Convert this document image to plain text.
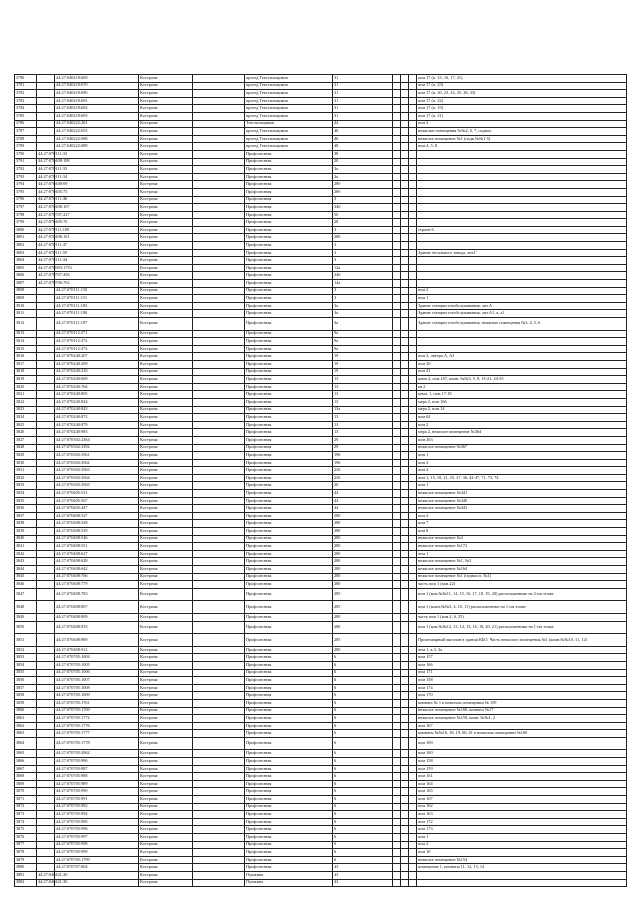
3780		44:27:040218:669	Кострома		проезд Текстильщиков	31				пом 17 (п. 15, 16, 17, 21)
3781		44:27:040218:670	Кострома		проезд Текстильщиков	31				пом 17 (п. 23)
3782		44:27:040218:690	Кострома		проезд Текстильщиков	31				пом 17 (п. 20, 23, 24, 25, 28, 33)
3783		44:27:040218:691	Кострома		проезд Текстильщиков	31				пом 17 (п. 22)
3784		44:27:040218:692	Кострома		проезд Текстильщиков	31				пом 17 (п. 19)
3785		44:27:040218:693	Кострома		проезд Текстильщиков	31				пом 17 (п. 21)
3786		44:27:040222:201	Кострома		Текстильщиков	44				пом 2
3787		44:27:040222:653	Кострома		проезд Текстильщиков	46				нежилые помещения №№2, 6, 7, подвал
3788		44:27:040222:688	Кострома		проезд Текстильщиков	46				нежилое помещение №1 (подв.№№1-5)
3789		44:27:040222:689	Кострома		проезд Текстильщиков	48				пом 4, 5, 8
3790	44:27:070111:33		Кострома		Профсоюзная	38				
3791	44:27:070408:108		Кострома		Профсоюзная	20				
3792	44:27:070111:35		Кострома		Профсоюзная	3а				
3793	44:27:070111:34		Кострома		Профсоюзная	3а				
3794	44:27:070408:69		Кострома		Профсоюзная	28б				
3795	44:27:070405:75		Кострома		Профсоюзная	28б				
3796	44:27:070111:46		Кострома		Профсоюзная	3				
3797	44:27:070408:107		Кострома		Профсоюзная	34б				
3798	44:27:070707:227		Кострома		Профсоюзная	50				
3799	44:27:070405:76		Кострома		Профсоюзная	28				
3800	44:27:070111:189		Кострома		Профсоюзная	3				строен 6
3801	44:27:070408:101		Кострома		Профсоюзная	280				
3802	44:27:070111:47		Кострома		Профсоюзная	3				
3803	44:27:070111:59		Кострома		Профсоюзная	3				Здание чесального завода, лит.Г
3804	44:27:070111:44		Кострома		Профсоюзная	3				
3805	44:27:070903:1753		Кострома		Профсоюзная	12а				
3806	44:27:070707:456		Кострома		Профсоюзная	24б				
3807	44:27:070706:702		Кострома		Профсоюзная	14а				
3808		44:27:070111:150	Кострома		Профсоюзная	3				пом 2
3809		44:27:070111:151	Кострома		Профсоюзная	3				пом 1
3810		44:27:070111:183	Кострома		Профсоюзная	3а				Здание станции техобслуживания, лит.А
3811		44:27:070111:186	Кострома		Профсоюзная	3а				Здание станции техобслуживания, лит.А1, а, а1
3812		44:27:070111:187	Кострома		Профсоюзная	3а				Здание станции техобслуживания, нежилые помещения №3, 4, 5, 6
3813		44:27:070112:371	Кострома		Профсоюзная	9а				
3814		44:27:070112:372	Кострома		Профсоюзная	9а				
3815		44:27:070112:373	Кострома		Профсоюзная	9а				
3816		44:27:070240:207	Кострома		Профсоюзная	19				пом 2, литера А, А3
3817		44:27:070240:209	Кострома		Профсоюзная	19				пом 20
3818		44:27:070240:210	Кострома		Профсоюзная	19				пом 21
3819		44:27:070240:669	Кострома		Профсоюзная	13				комн 2, пом 167, комн. №№3, 5, 8, 13-21, 24-35
3820		44:27:070240:764	Кострома		Профсоюзная	13				кв.2
3821		44:27:070240:805	Кострома		Профсоюзная	13				комн. 1, пом 17-18
3822		44:27:070240:824	Кострома		Профсоюзная	13				мера 2, пом 166
3823		44:27:070240:843	Кострома		Профсоюзная	13а				мера 2, пом 14
3824		44:27:070240:872	Кострома		Профсоюзная	13				пом 62
3825		44:27:070240:879	Кострома		Профсоюзная	13				пом 2
3826		44:27:070240:983	Кострома		Профсоюзная	13				мера 2, нежилое помещение №364
3827		44:27:070302:2364	Кострома		Профсоюзная	29				пом 263
3828		44:27:070302:3392	Кострома		Профсоюзная	29				нежилое помещение №367
3829		44:27:070303:3561	Кострома		Профсоюзная	196				пом 1
3830		44:27:070303:3562	Кострома		Профсоюзная	196				пом 2
3831		44:27:070303:3563	Кострома		Профсоюзная	23б				пом 4
3832		44:27:070303:3564	Кострома		Профсоюзная	23б				пом 1, 15, 18, 21, 25, 27, 36, 42-47, 71, 73, 74
3833		44:27:070303:3565	Кострома		Профсоюзная	20				пом 1
3834		44:27:070405:531	Кострома		Профсоюзная	44				нежилое помещение №441
3835		44:27:070405:567	Кострома		Профсоюзная	44				нежилое помещение №440
3836		44:27:070405:447	Кострома		Профсоюзная	44				нежилое помещение №443
3837		44:27:070408:527	Кострома		Профсоюзная	280				пом 2
3838		44:27:070408:528	Кострома		Профсоюзная	280				пом 7
3839		44:27:070408:529	Кострома		Профсоюзная	280				пом 8
3840		44:27:070408:546	Кострома		Профсоюзная	280				нежилое помещение №2
3841		44:27:070408:551	Кострома		Профсоюзная	280				нежилое помещение №172
3842		44:27:070408:627	Кострома		Профсоюзная	280				пом 1
3843		44:27:070408:628	Кострома		Профсоюзная	280				нежилое помещение №1, №3
3844		44:27:070408:642	Кострома		Профсоюзная	280				нежилое помещение №164
3845		44:27:070408:766	Кострома		Профсоюзная	280				нежилое помещение №1 (подвал п. №1)
3846		44:27:070408:779	Кострома		Профсоюзная	280				часть пом 1 (ком.22)
3847		44:27:070408:783	Кострома		Профсоюзная	285				пом 1 (ком.№№11, 14, 15, 16, 17, 18, 19, 20) расположенные на 2-ом этаже
3848		44:27:070408:807	Кострома		Профсоюзная	285				пом 1 (комн.№№3, 4, 10, 11) расположенные на 1-ом этаже
3849		44:27:070408:809	Кострома		Профсоюзная	280				часть пом 1 (ком.2, 6, 25)
3850		44:27:070408:833	Кострома		Профсоюзная	280				пом 1 (ком.№№12, 13, 14, 15, 16, 18, 20, 21) расположенные на 1-ом этаже
3851		44:27:070408:889	Кострома		Профсоюзная	285				Промтоварный магазин в здании КБО. Часть нежилого помещения №1 (комн.№№10, 11, 12)
3852		44:27:070408:912	Кострома		Профсоюзная	280				пом 1, к.3, 3а
3853		44:27:070705:1004	Кострома		Профсоюзная	6				пом 157
3854		44:27:070705:1005	Кострома		Профсоюзная	6				пом 166
3855		44:27:070705:1006	Кострома		Профсоюзная	6				пом 171
3856		44:27:070705:1007	Кострома		Профсоюзная	6				пом 158
3857		44:27:070705:1008	Кострома		Профсоюзная	6				пом 174
3858		44:27:070705:1009	Кострома		Профсоюзная	6				пом 170
3859		44:27:070705:1761	Кострома		Профсоюзная	6				комната № 1 в нежилом помещении № 159
3860		44:27:070705:1769	Кострома		Профсоюзная	6				нежилое помещение №160, комната №17
3861		44:27:070705:1772	Кострома		Профсоюзная	6				нежилое помещение №159, комн. №№1, 2
3862		44:27:070705:1776	Кострома		Профсоюзная	6				пом 167
3863		44:27:070705:1777	Кострома		Профсоюзная	6				комнаты №№16, 18, 19, 60, 61 в нежилом помещении №160
3864		44:27:070705:1778	Кострома		Профсоюзная	6				пом 169
3865		44:27:070705:2062	Кострома		Профсоюзная	6				пом 160
3866		44:27:070705:986	Кострома		Профсоюзная	6				пом 158
3867		44:27:070705:987	Кострома		Профсоюзная	6				пом 159
3868		44:27:070705:988	Кострома		Профсоюзная	6				пом 161
3869		44:27:070705:989	Кострома		Профсоюзная	6				пом 164
3870		44:27:070705:990	Кострома		Профсоюзная	6				пом 165
3871		44:27:070705:991	Кострома		Профсоюзная	6				пом 167
3872		44:27:070705:992	Кострома		Профсоюзная	6				пом 162
3873		44:27:070705:994	Кострома		Профсоюзная	6				пом 163
3874		44:27:070705:995	Кострома		Профсоюзная	6				пом 172
3875		44:27:070705:996	Кострома		Профсоюзная	6				пом 173
3876		44:27:070705:997	Кострома		Профсоюзная	6				пом 1
3877		44:27:070705:998	Кострома		Профсоюзная	6				пом 2
3878		44:27:070705:999	Кострома		Профсоюзная	6				пом 10
3879		44:27:070705:1799	Кострома		Профсоюзная	6				нежилое помещение №154
3880		44:27:070707:804	Кострома		Профсоюзная	43				помещение 1, комнаты 11, 12, 13, 14
3881	44:27:040421:20		Кострома		Пушкина	43				
3882	44:27:040421:30		Кострома		Пушкина	43				
